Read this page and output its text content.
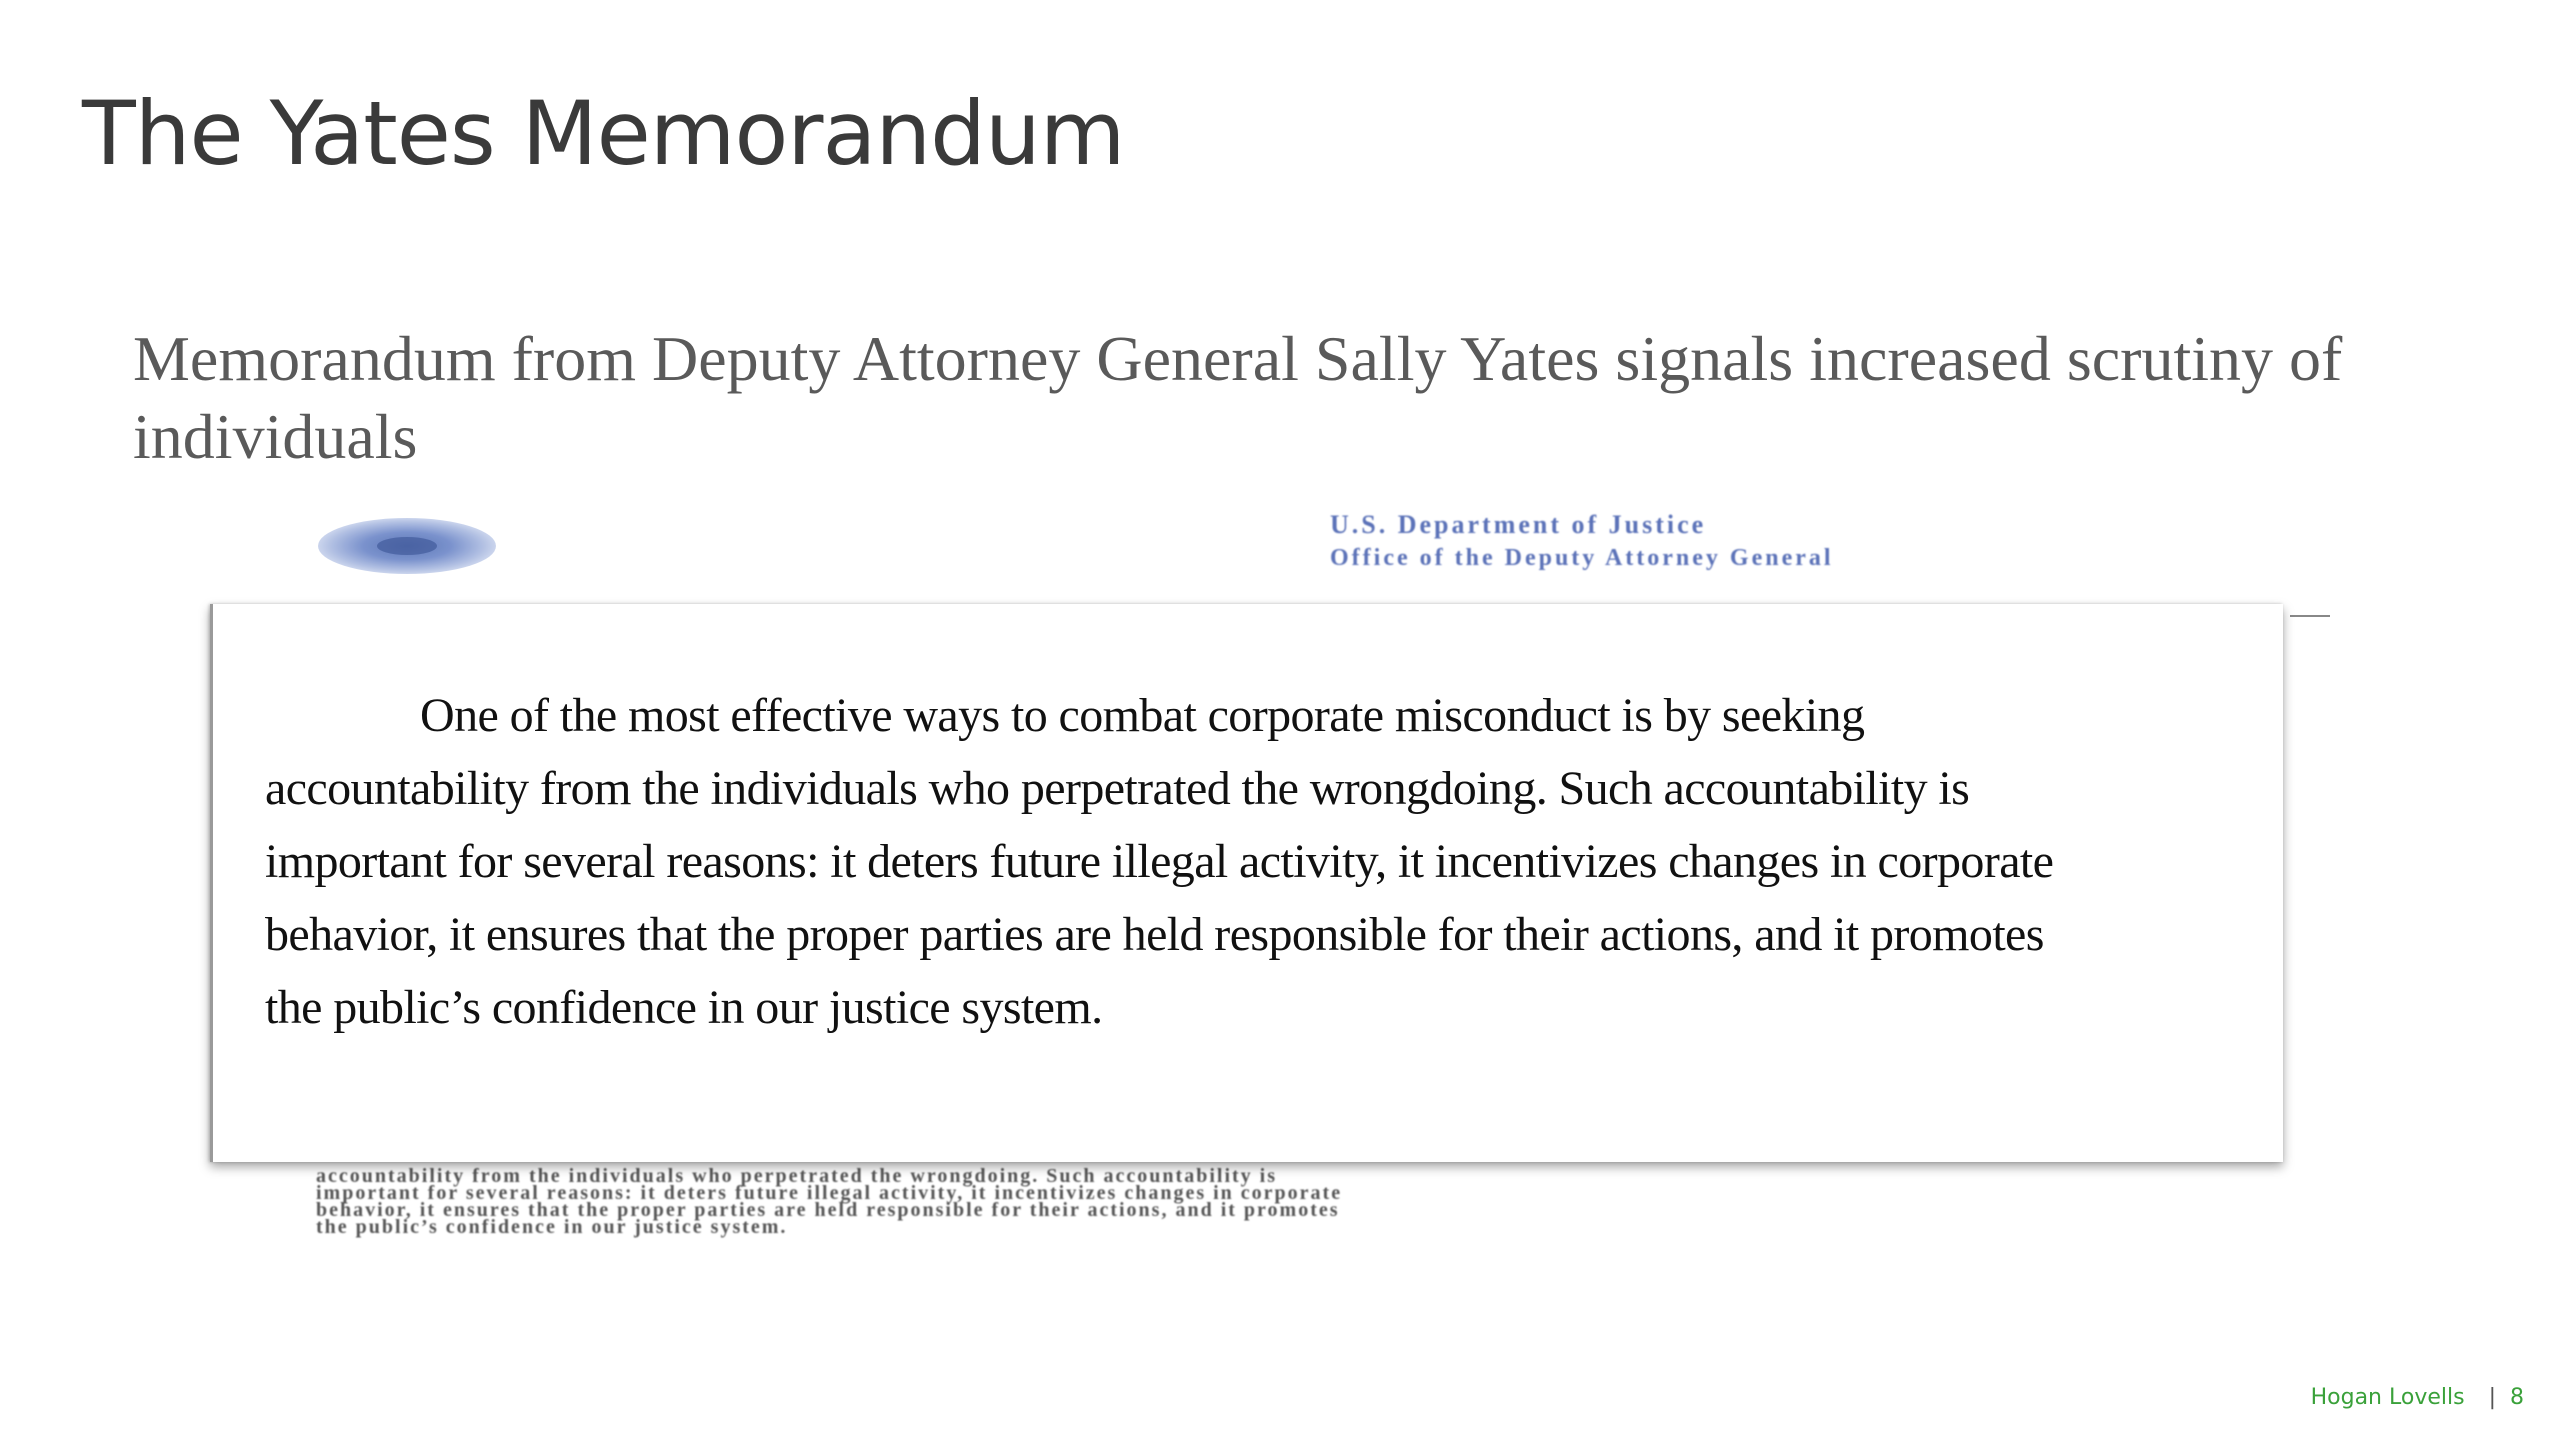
The Yates Memorandum
Memorandum from Deputy Attorney General Sally Yates signals increased scrutiny of individuals
U.S. Department of Justice
Office of the Deputy Attorney General
accountability from the individuals who perpetrated the wrongdoing. Such accountability is
important for several reasons: it deters future illegal activity, it incentivizes changes in corporate
behavior, it ensures that the proper parties are held responsible for their actions, and it promotes
the public’s confidence in our justice system.
One of the most effective ways to combat corporate misconduct is by seeking
accountability from the individuals who perpetrated the wrongdoing. Such accountability is
important for several reasons: it deters future illegal activity, it incentivizes changes in corporate
behavior, it ensures that the proper parties are held responsible for their actions, and it promotes
the public’s confidence in our justice system.
Hogan Lovells | 8
